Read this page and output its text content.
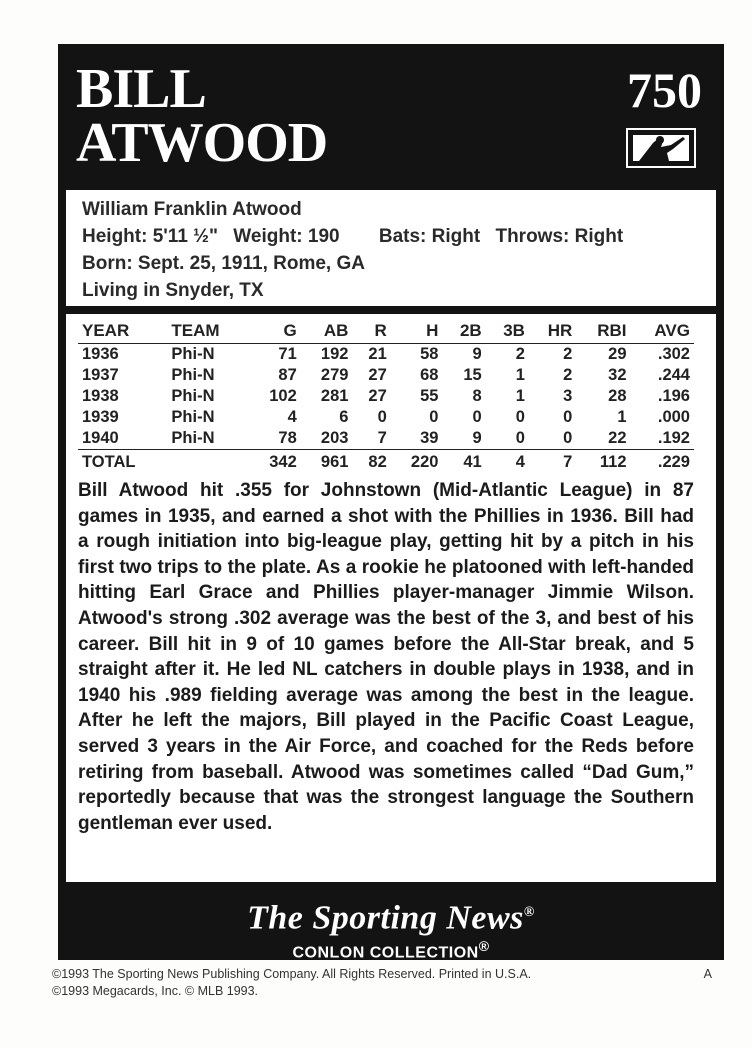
BILL
ATWOOD
750
William Franklin Atwood
Height: 5'11 ½" Weight: 190 Bats: Right Throws: Right
Born: Sept. 25, 1911, Rome, GA
Living in Snyder, TX
YEAR	TEAM	G	AB	R	H	2B	3B	HR	RBI	AVG
1936	Phi-N	71	192	21	58	9	2	2	29	.302
1937	Phi-N	87	279	27	68	15	1	2	32	.244
1938	Phi-N	102	281	27	55	8	1	3	28	.196
1939	Phi-N	4	6	0	0	0	0	0	1	.000
1940	Phi-N	78	203	7	39	9	0	0	22	.192
TOTAL		342	961	82	220	41	4	7	112	.229

Bill Atwood hit .355 for Johnstown (Mid-Atlantic League) in 87 games in 1935, and earned a shot with the Phillies in 1936. Bill had a rough initiation into big-league play, getting hit by a pitch in his first two trips to the plate. As a rookie he platooned with left-handed hitting Earl Grace and Phillies player-manager Jimmie Wilson. Atwood's strong .302 average was the best of the 3, and best of his career. Bill hit in 9 of 10 games before the All-Star break, and 5 straight after it. He led NL catchers in double plays in 1938, and in 1940 his .989 fielding average was among the best in the league. After he left the majors, Bill played in the Pacific Coast League, served 3 years in the Air Force, and coached for the Reds before retiring from baseball. Atwood was sometimes called “Dad Gum,” reportedly because that was the strongest language the Southern gentleman ever used.

The Sporting News®
CONLON COLLECTION®
©1993 The Sporting News Publishing Company. All Rights Reserved. Printed in U.S.A.
©1993 Megacards, Inc. © MLB 1993.
A
